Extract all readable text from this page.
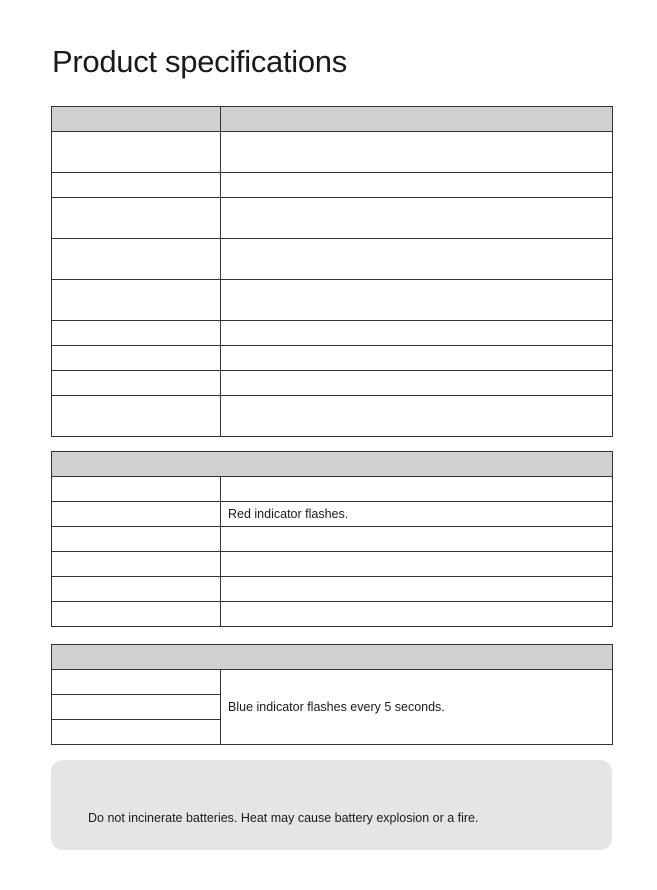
Product specifications

	Red indicator flashes.

	Blue indicator flashes every 5 seconds.

Do not incinerate batteries. Heat may cause battery explosion or a fire.
